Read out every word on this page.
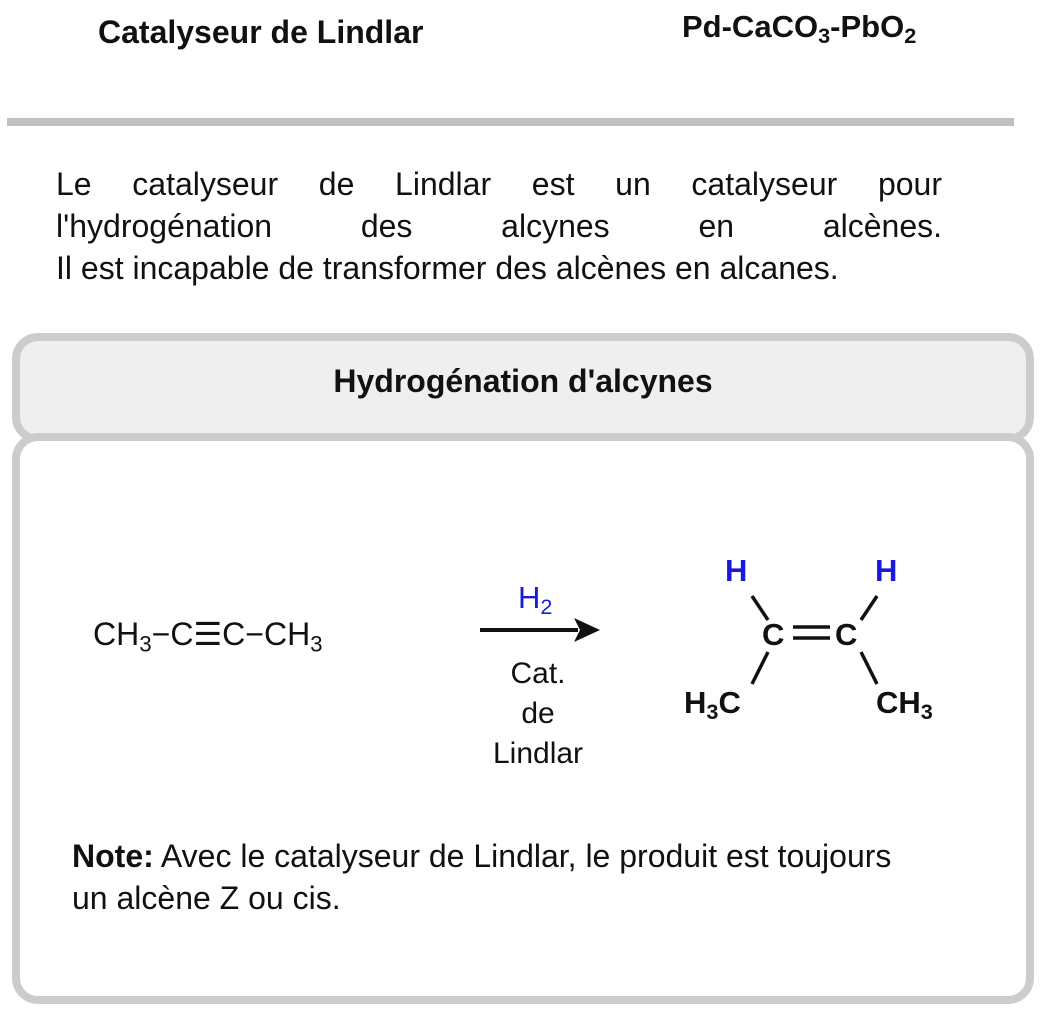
Catalyseur de Lindlar	Pd-CaCO$_3$-PbO$_2$
Le catalyseur de Lindlar est un catalyseur pour
l'hydrogénation des alcynes en alcènes.
Il est incapable de transformer des alcènes en alcanes.
Hydrogénation d'alcynes
$CH_3-C☰C-CH_3$
$H_2$
Cat.
de
Lindlar
H	H
C C
$H_3C$	$CH_3$
Note: Avec le catalyseur de Lindlar, le produit est toujours un alcène Z ou cis.
